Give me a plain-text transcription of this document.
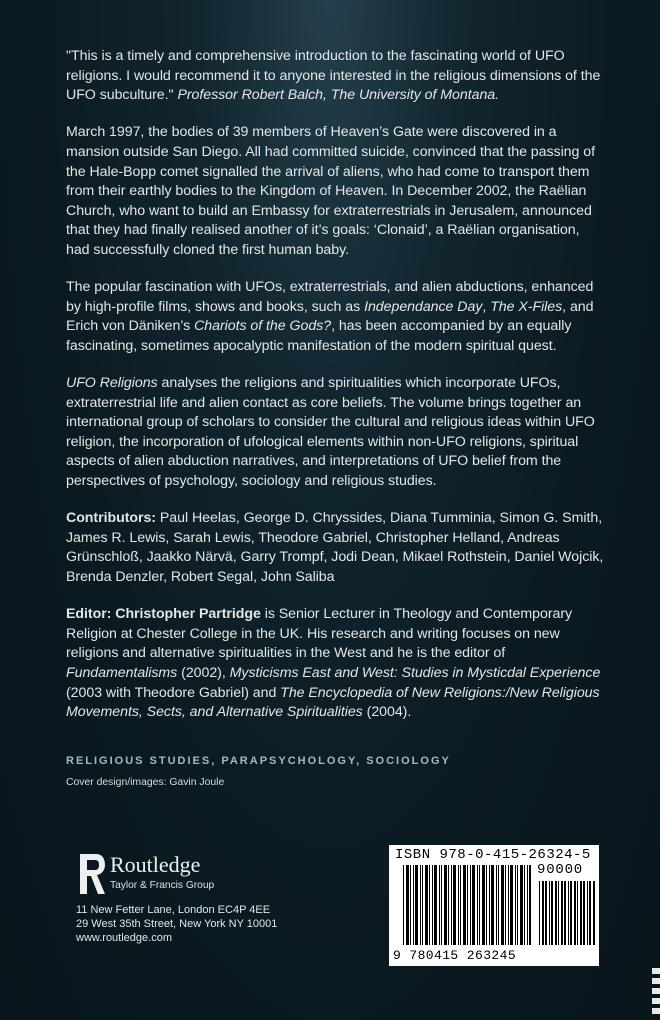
"This is a timely and comprehensive introduction to the fascinating world of UFO religions. I would recommend it to anyone interested in the religious dimensions of the UFO subculture." Professor Robert Balch, The University of Montana.

March 1997, the bodies of 39 members of Heaven’s Gate were discovered in a mansion outside San Diego. All had committed suicide, convinced that the passing of the Hale-Bopp comet signalled the arrival of aliens, who had come to transport them from their earthly bodies to the Kingdom of Heaven. In December 2002, the Raëlian Church, who want to build an Embassy for extraterrestrials in Jerusalem, announced that they had finally realised another of it’s goals: ‘Clonaid’, a Raëlian organisation, had successfully cloned the first human baby.

The popular fascination with UFOs, extraterrestrials, and alien abductions, enhanced by high-profile films, shows and books, such as Independance Day, The X-Files, and Erich von Däniken’s Chariots of the Gods?, has been accompanied by an equally fascinating, sometimes apocalyptic manifestation of the modern spiritual quest.

UFO Religions analyses the religions and spiritualities which incorporate UFOs, extraterrestrial life and alien contact as core beliefs. The volume brings together an international group of scholars to consider the cultural and religious ideas within UFO religion, the incorporation of ufological elements within non-UFO religions, spiritual aspects of alien abduction narratives, and interpretations of UFO belief from the perspectives of psychology, sociology and religious studies.

Contributors: Paul Heelas, George D. Chryssides, Diana Tumminia, Simon G. Smith, James R. Lewis, Sarah Lewis, Theodore Gabriel, Christopher Helland, Andreas Grünschloß, Jaakko Närvä, Garry Trompf, Jodi Dean, Mikael Rothstein, Daniel Wojcik, Brenda Denzler, Robert Segal, John Saliba

Editor: Christopher Partridge is Senior Lecturer in Theology and Contemporary Religion at Chester College in the UK. His research and writing focuses on new religions and alternative spiritualities in the West and he is the editor of Fundamentalisms (2002), Mysticisms East and West: Studies in Mysticdal Experience (2003 with Theodore Gabriel) and The Encyclopedia of New Religions:/New Religious Movements, Sects, and Alternative Spiritualities (2004).

RELIGIOUS STUDIES, PARAPSYCHOLOGY, SOCIOLOGY
Cover design/images: Gavin Joule
Routledge
Taylor & Francis Group
11 New Fetter Lane, London EC4P 4EE
29 West 35th Street, New York NY 10001
www.routledge.com
ISBN 978-0-415-26324-5
90000
9 780415 263245
